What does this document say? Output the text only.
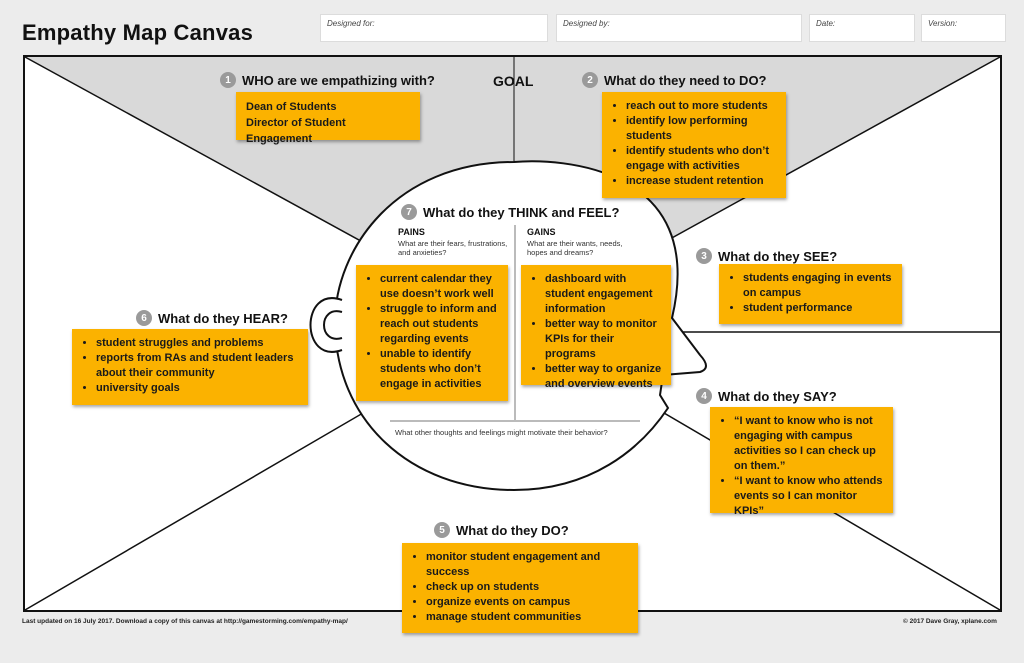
Empathy Map Canvas	Designed for:	Designed by:	Date:	Version:
GOAL
1 WHO are we empathizing with?
Dean of Students
Director of Student Engagement
2 What do they need to DO?
• reach out to more students
• identify low performing students
• identify students who don’t engage with activities
• increase student retention
7 What do they THINK and FEEL?
PAINS
What are their fears, frustrations, and anxieties?
GAINS
What are their wants, needs, hopes and dreams?
• current calendar they use doesn’t work well
• struggle to inform and reach out students regarding events
• unable to identify students who don’t engage in activities
• dashboard with student engagement information
• better way to monitor KPIs for their programs
• better way to organize and overview events
What other thoughts and feelings might motivate their behavior?
3 What do they SEE?
• students engaging in events on campus
• student performance
6 What do they HEAR?
• student struggles and problems
• reports from RAs and student leaders about their community
• university goals
4 What do they SAY?
• “I want to know who is not engaging with campus activities so I can check up on them.”
• “I want to know who attends events so I can monitor KPIs”
5 What do they DO?
• monitor student engagement and success
• check up on students
• organize events on campus
• manage student communities
Last updated on 16 July 2017. Download a copy of this canvas at http://gamestorming.com/empathy-map/	© 2017 Dave Gray, xplane.com
